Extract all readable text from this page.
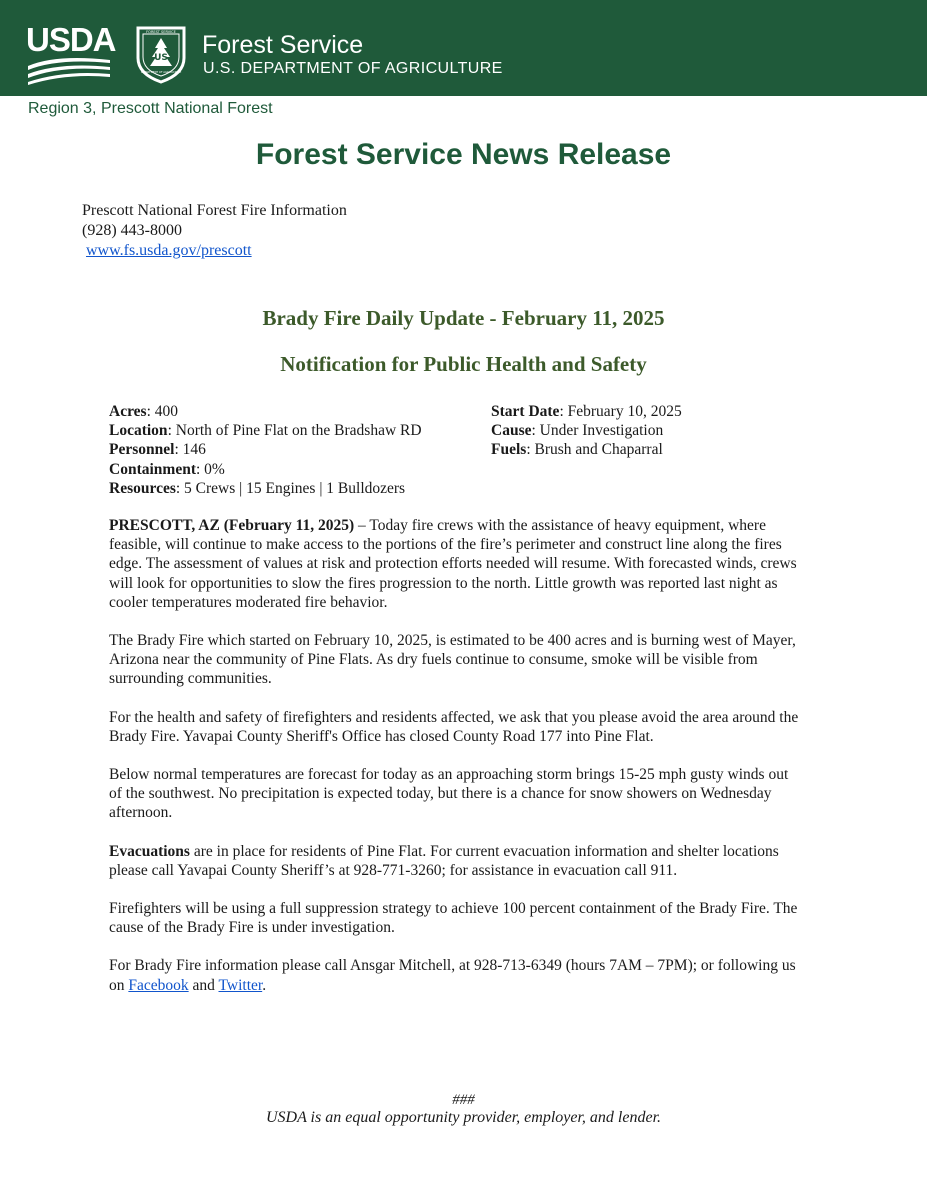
USDA	FOREST SERVICE
US
DEPARTMENT OF AGRICULTURE
Forest Service
U.S. DEPARTMENT OF AGRICULTURE
Region 3, Prescott National Forest
Forest Service News Release
Prescott National Forest Fire Information
(928) 443-8000
www.fs.usda.gov/prescott
Brady Fire Daily Update - February 11, 2025
Notification for Public Health and Safety
Acres: 400
Location: North of Pine Flat on the Bradshaw RD
Personnel: 146
Containment: 0%
Resources: 5 Crews | 15 Engines | 1 Bulldozers
Start Date: February 10, 2025
Cause: Under Investigation
Fuels: Brush and Chaparral

PRESCOTT, AZ (February 11, 2025) – Today fire crews with the assistance of heavy equipment, where feasible, will continue to make access to the portions of the fire’s perimeter and construct line along the fires edge. The assessment of values at risk and protection efforts needed will resume. With forecasted winds, crews will look for opportunities to slow the fires progression to the north. Little growth was reported last night as cooler temperatures moderated fire behavior.

The Brady Fire which started on February 10, 2025, is estimated to be 400 acres and is burning west of Mayer, Arizona near the community of Pine Flats. As dry fuels continue to consume, smoke will be visible from surrounding communities.

For the health and safety of firefighters and residents affected, we ask that you please avoid the area around the Brady Fire. Yavapai County Sheriff's Office has closed County Road 177 into Pine Flat.

Below normal temperatures are forecast for today as an approaching storm brings 15-25 mph gusty winds out of the southwest. No precipitation is expected today, but there is a chance for snow showers on Wednesday afternoon.

Evacuations are in place for residents of Pine Flat. For current evacuation information and shelter locations please call Yavapai County Sheriff’s at 928-771-3260; for assistance in evacuation call 911.

Firefighters will be using a full suppression strategy to achieve 100 percent containment of the Brady Fire. The cause of the Brady Fire is under investigation.

For Brady Fire information please call Ansgar Mitchell, at 928-713-6349 (hours 7AM – 7PM); or following us on Facebook and Twitter.

###
USDA is an equal opportunity provider, employer, and lender.
